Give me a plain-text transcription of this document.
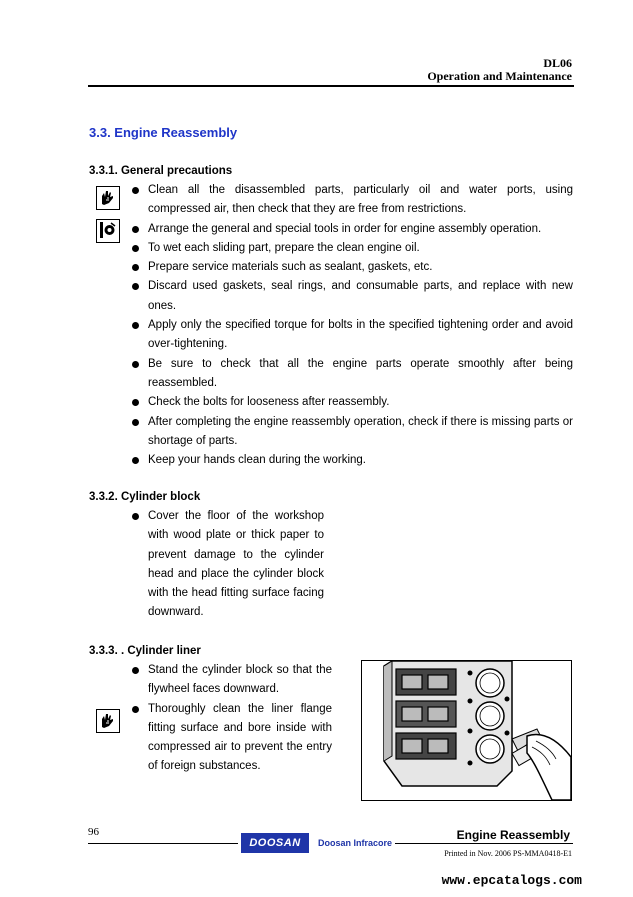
DL06
Operation and Maintenance
3.3. Engine Reassembly
3.3.1. General precautions
Clean all the disassembled parts, particularly oil and water ports, using compressed air, then check that they are free from restrictions.
Arrange the general and special tools in order for engine assembly operation.
To wet each sliding part, prepare the clean engine oil.
Prepare service materials such as sealant, gaskets, etc.
Discard used gaskets, seal rings, and consumable parts, and replace with new ones.
Apply only the specified torque for bolts in the specified tightening order and avoid over-tightening.
Be sure to check that all the engine parts operate smoothly after being reassembled.
Check the bolts for looseness after reassembly.
After completing the engine reassembly operation, check if there is missing parts or shortage of parts.
Keep your hands clean during the working.
3.3.2. Cylinder block
Cover the floor of the workshop with wood plate or thick paper to prevent damage to the cylinder head and place the cylinder block with the head fitting surface facing downward.
3.3.3. . Cylinder liner
Stand the cylinder block so that the flywheel faces downward.
Thoroughly clean the liner flange fitting surface and bore inside with compressed air to prevent the entry of foreign substances.
96	Engine Reassembly
DOOSAN	Doosan Infracore
Printed in Nov. 2006 PS-MMA0418-E1
www.epcatalogs.com
